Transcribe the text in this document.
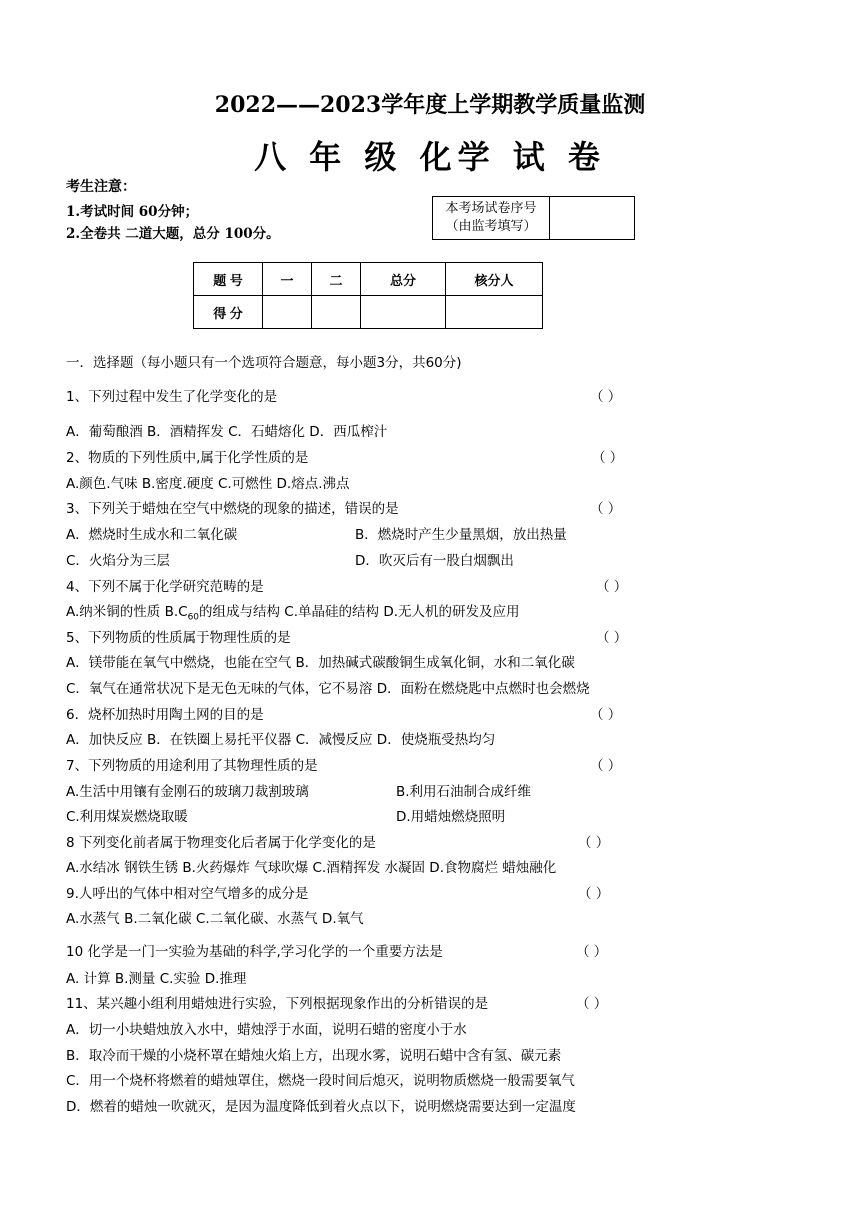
2022——2023学年度上学期教学质量监测
八 年 级 化学 试 卷
考生注意：
1.考试时间 60分钟；
2.全卷共 二道大题，总分 100分。
本考场试卷序号
（由监考填写）

题 号	一	二	总分	核分人
得 分				
一．选择题（每小题只有一个选项符合题意，每小题3分，共60分)
1、下列过程中发生了化学变化的是	（ ）
A．葡萄酿酒 B．酒精挥发 C．石蜡熔化 D．西瓜榨汁
2、物质的下列性质中,属于化学性质的是	（ ）
A.颜色.气味 B.密度.硬度 C.可燃性 D.熔点.沸点
3、下列关于蜡烛在空气中燃烧的现象的描述，错误的是	（ ）
A．燃烧时生成水和二氧化碳	B．燃烧时产生少量黑烟，放出热量
C．火焰分为三层	D．吹灭后有一股白烟飘出
4、下列不属于化学研究范畴的是	（ ）
A.纳米铜的性质 $B.C_{60}$的组成与结构 C.单晶硅的结构 D.无人机的研发及应用
5、下列物质的性质属于物理性质的是	（ ）
A．镁带能在氧气中燃烧，也能在空气 B．加热碱式碳酸铜生成氧化铜，水和二氧化碳
C．氧气在通常状况下是无色无味的气体，它不易溶 D．面粉在燃烧匙中点燃时也会燃烧
6．烧杯加热时用陶土网的目的是	（ ）
A．加快反应 B．在铁圈上易托平仪器 C．减慢反应 D．使烧瓶受热均匀
7、下列物质的用途利用了其物理性质的是	（ ）
A.生活中用镶有金刚石的玻璃刀裁割玻璃	B.利用石油制合成纤维
C.利用煤炭燃烧取暖	D.用蜡烛燃烧照明
8 下列变化前者属于物理变化后者属于化学变化的是	（ ）
A.水结冰 钢铁生锈 B.火药爆炸 气球吹爆 C.酒精挥发 水凝固 D.食物腐烂 蜡烛融化
9.人呼出的气体中相对空气增多的成分是	（ ）
A.水蒸气 B.二氧化碳 C.二氧化碳、水蒸气 D.氧气
10 化学是一门一实验为基础的科学,学习化学的一个重要方法是	（ ）
A. 计算 B.测量 C.实验 D.推理
11、某兴趣小组利用蜡烛进行实验，下列根据现象作出的分析错误的是	（ ）
A．切一小块蜡烛放入水中，蜡烛浮于水面，说明石蜡的密度小于水
B．取冷而干燥的小烧杯罩在蜡烛火焰上方，出现水雾，说明石蜡中含有氢、碳元素
C．用一个烧杯将燃着的蜡烛罩住，燃烧一段时间后熄灭，说明物质燃烧一般需要氧气
D．燃着的蜡烛一吹就灭，是因为温度降低到着火点以下，说明燃烧需要达到一定温度
